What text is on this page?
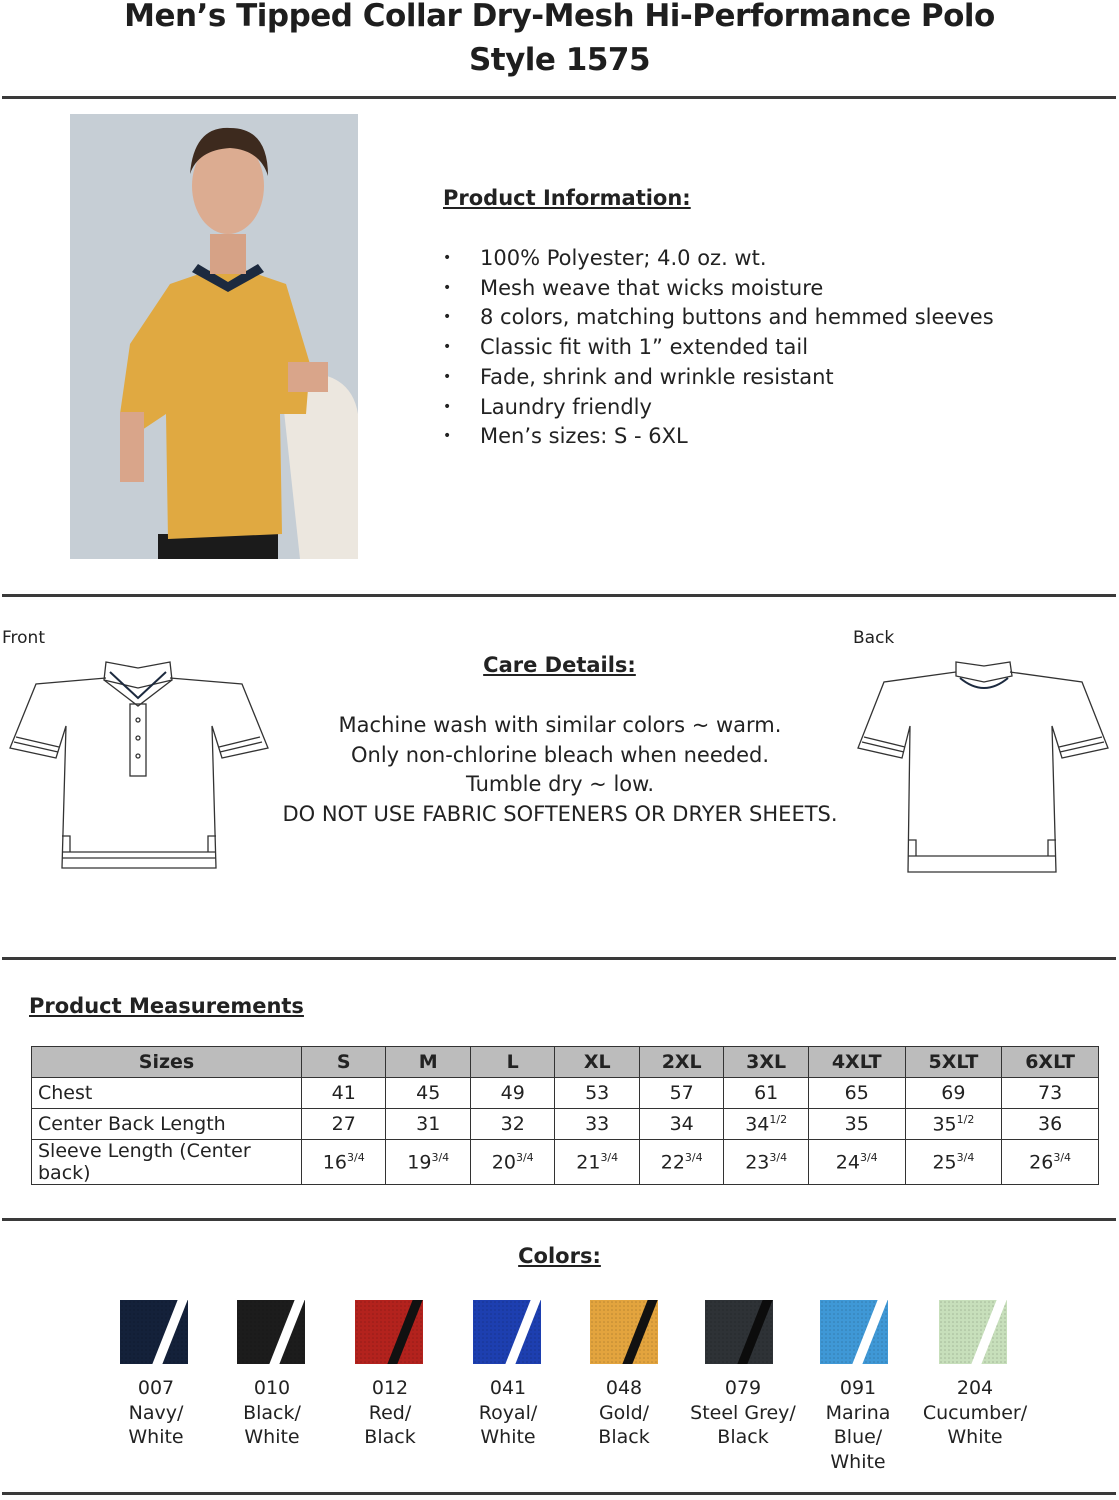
Men’s Tipped Collar Dry-Mesh Hi-Performance Polo
Style 1575
Product Information:
• 100% Polyester; 4.0 oz. wt.
• Mesh weave that wicks moisture
• 8 colors, matching buttons and hemmed sleeves
• Classic fit with 1” extended tail
• Fade, shrink and wrinkle resistant
• Laundry friendly
• Men’s sizes: S - 6XL
Front	Back
Care Details:
Machine wash with similar colors ~ warm.
Only non-chlorine bleach when needed.
Tumble dry ~ low.
DO NOT USE FABRIC SOFTENERS OR DRYER SHEETS.
Product Measurements
Sizes	S	M	L	XL	2XL	3XL	4XLT	5XLT	6XLT
Chest	41	45	49	53	57	61	65	69	73
Center Back Length	27	31	32	33	34	$34^{1/2}$	35	$35^{1/2}$	36
Sleeve Length (Center back)	$16^{3/4}$	$19^{3/4}$	$20^{3/4}$	$21^{3/4}$	$22^{3/4}$	$23^{3/4}$	$24^{3/4}$	$25^{3/4}$	$26^{3/4}$
Colors:
007
Navy/
White
010
Black/
White
012
Red/
Black
041
Royal/
White
048
Gold/
Black
079
Steel Grey/
Black
091
Marina Blue/
White
204
Cucumber/
White
